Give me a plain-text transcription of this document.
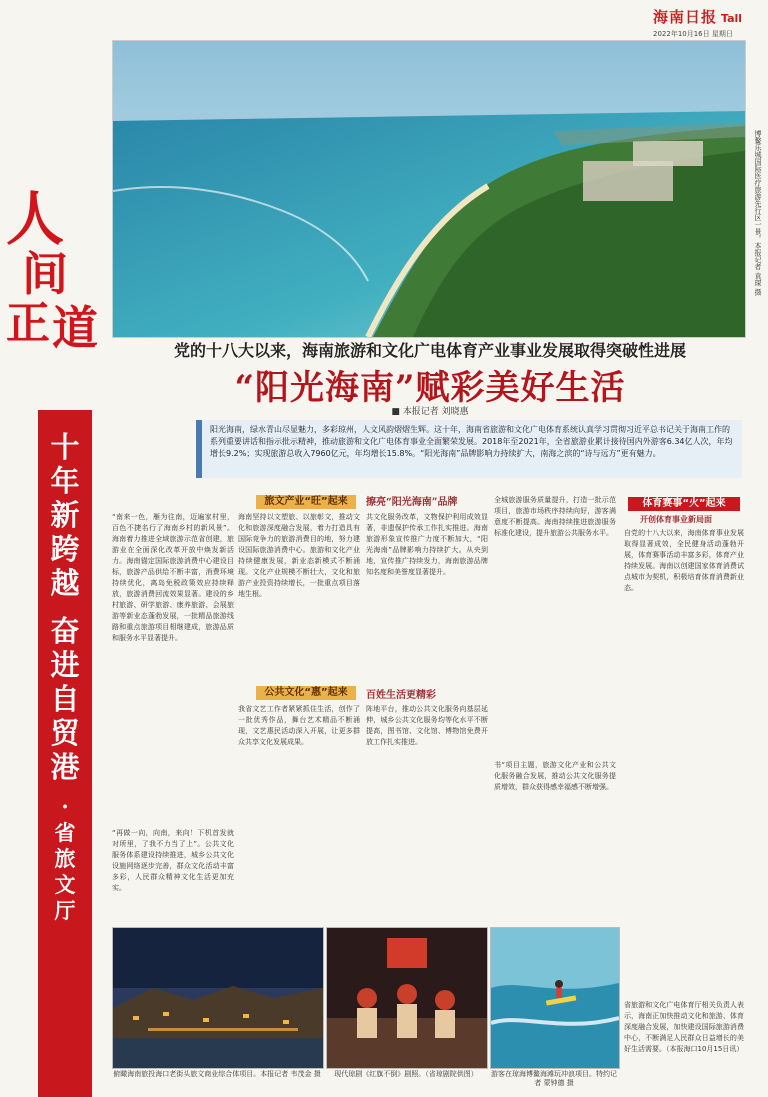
海南日报 Tall
2022年10月16日 星期日
博鳌乐城国际医疗旅游先行区一景。本报记者 袁琛 摄
人
间
正 道
十
年
新
跨
越
奋
进
自
贸
港
·
省
旅
文
厅
党的十八大以来，海南旅游和文化广电体育产业事业发展取得突破性进展
“阳光海南”赋彩美好生活
■ 本报记者 刘晓惠
阳光海南，绿水青山尽显魅力，多彩琼州，人文风韵熠熠生辉。这十年，海南省旅游和文化广电体育系统认真学习贯彻习近平总书记关于海南工作的系列重要讲话和指示批示精神，推动旅游和文化广电体育事业全面繁荣发展。2018年至2021年，全省旅游业累计接待国内外游客6.34亿人次，年均增长9.2%；实现旅游总收入7960亿元，年均增长15.8%。“阳光海南”品牌影响力持续扩大，南海之滨的“诗与远方”更有魅力。
旅文产业“旺”起来
“南来一色，雁为往南，迈遍家村里，百色不捷名行了海南乡村的新风景”。海南着力推进全域旅游示范省创建，旅游业在全面深化改革开放中焕发新活力。海南锚定国际旅游消费中心建设目标，旅游产品供给不断丰富，消费环境持续优化，离岛免税政策效应持续释放，旅游消费回流效果显著。建设的乡村旅游、研学旅游、康养旅游、会展旅游等新业态蓬勃发展，一批精品旅游线路和重点旅游项目相继建成，旅游品质和服务水平显著提升。
海南坚持以文塑旅、以旅彰文，推动文化和旅游深度融合发展，着力打造具有国际竞争力的旅游消费目的地，努力建设国际旅游消费中心。旅游和文化产业持续健康发展，新业态新模式不断涌现。文化产业规模不断壮大，文化和旅游产业投资持续增长，一批重点项目落地生根。
擦亮“阳光海南”品牌
共文化服务改革，文物保护利用成效显著，非遗保护传承工作扎实推进。海南旅游形象宣传推广力度不断加大，“阳光海南”品牌影响力持续扩大。从央到地，宣传推广持续发力，海南旅游品牌知名度和美誉度显著提升。
全城旅游服务质量提升，打造一批示范项目，旅游市场秩序持续向好，游客满意度不断提高。海南持续推进旅游服务标准化建设，提升旅游公共服务水平。
体育赛事“火”起来
开创体育事业新局面
自党的十八大以来，海南体育事业发展取得显著成效，全民健身活动蓬勃开展，体育赛事活动丰富多彩，体育产业持续发展。海南以创建国家体育消费试点城市为契机，积极培育体育消费新业态。
公共文化“惠”起来
我省文艺工作者紧紧抓住生活，创作了一批优秀作品，舞台艺术精品不断涌现，文艺惠民活动深入开展，让更多群众共享文化发展成果。
百姓生活更精彩
阵地平台，推动公共文化服务向基层延伸，城乡公共文化服务均等化水平不断提高，图书馆、文化馆、博物馆免费开放工作扎实推进。
“再做一向，向南，来向！下机首发就对所里，了我不力当了上”。公共文化服务体系建设持续推进，城乡公共文化设施网络逐步完善，群众文化活动丰富多彩，人民群众精神文化生活更加充实。
书“项目主题，旅游文化产业和公共文化服务融合发展，推动公共文化服务提质增效，群众获得感幸福感不断增强。
省旅游和文化广电体育厅相关负责人表示，海南正加快推动文化和旅游、体育深度融合发展，加快建设国际旅游消费中心，不断满足人民群众日益增长的美好生活需要。（本报海口10月15日讯）
俯瞰海南旅投海口老街头旅文商业综合体项目。本报记者 韦茂金 摄	现代琼剧《红旗不倒》剧照。（省琼剧院供图）	游客在琼海博鳌海滩玩冲浪项目。特约记者 蒙钟德 摄
